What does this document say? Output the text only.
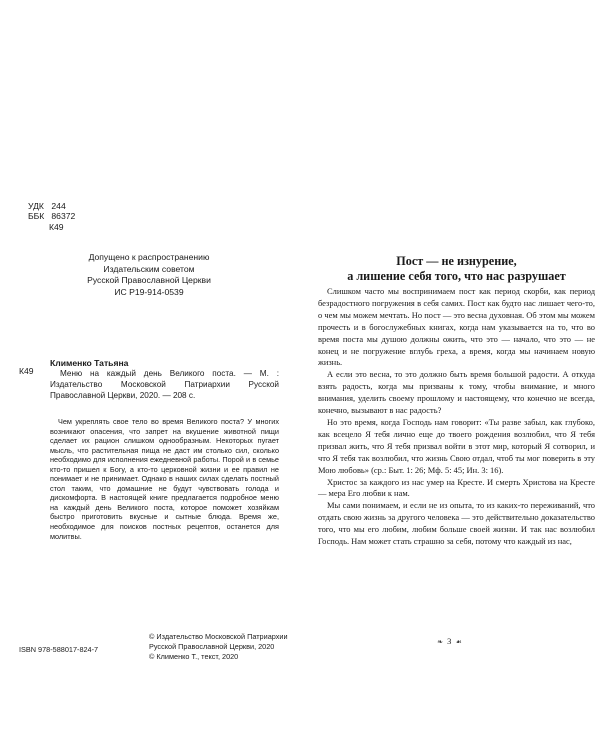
УДК
244
ББК
86372
К49
Допущено к распространению
Издательским советом
Русской Православной Церкви
ИС Р19-914-0539
Клименко Татьяна
К49	Меню на каждый день Великого поста. — М. : Издательство Московской Патриархии Русской Православной Церкви, 2020. — 208 с.
Чем укреплять свое тело во время Великого поста? У многих возникают опасения, что запрет на вкушение животной пищи сделает их рацион слишком однообразным. Некоторых пугает мысль, что растительная пища не даст им столько сил, сколько необходимо для исполнения ежедневной работы. Порой и в семье кто-то пришел к Богу, а кто-то церковной жизни и ее правил не понимает и не принимает. Однако в наших силах сделать постный стол таким, что домашние не будут чувствовать голода и дискомфорта. В настоящей книге предлагается подробное меню на каждый день Великого поста, которое поможет хозяйкам быстро приготовить вкусные и сытные блюда. Время же, необходимое для поисков постных рецептов, останется для молитвы.
© Издательство Московской Патриархии Русской Православной Церкви, 2020
© Клименко Т., текст, 2020
ISBN 978-588017-824-7
Пост — не изнурение,
а лишение себя того, что нас разрушает

Слишком часто мы воспринимаем пост как период скорби, как период безрадостного погружения в себя самих. Пост как будто нас лишает чего-то, о чем мы можем мечтать. Но пост — это весна духовная. Об этом мы можем прочесть и в богослужебных книгах, когда нам указывается на то, что во время поста мы душою должны ожить, что это — начало, что это — не конец и не погружение вглубь греха, а время, когда мы начинаем новую жизнь.

А если это весна, то это должно быть время большой радости. А откуда взять радость, когда мы призваны к тому, чтобы внимание, и много внимания, уделить своему прошлому и настоящему, что конечно не всегда, конечно, вызывают в нас радость?

Но это время, когда Господь нам говорит: «Ты разве забыл, как глубоко, как всецело Я тебя лично еще до твоего рождения возлюбил, что Я тебя призвал жить, что Я тебя призвал войти в этот мир, который Я сотворил, и что Я тебя так возлюбил, что жизнь Свою отдал, чтоб ты мог поверить в эту Мою любовь» (ср.: Быт. 1: 26; Мф. 5: 45; Ин. 3: 16).

Христос за каждого из нас умер на Кресте. И смерть Христова на Кресте — мера Его любви к нам.

Мы сами понимаем, и если не из опыта, то из каких-то переживаний, что отдать свою жизнь за другого человека — это действительно доказательство того, что мы его любим, любим больше своей жизни. И так нас возлюбил Господь. Нам может стать страшно за себя, потому что каждый из нас,

❧ 3 ☙
